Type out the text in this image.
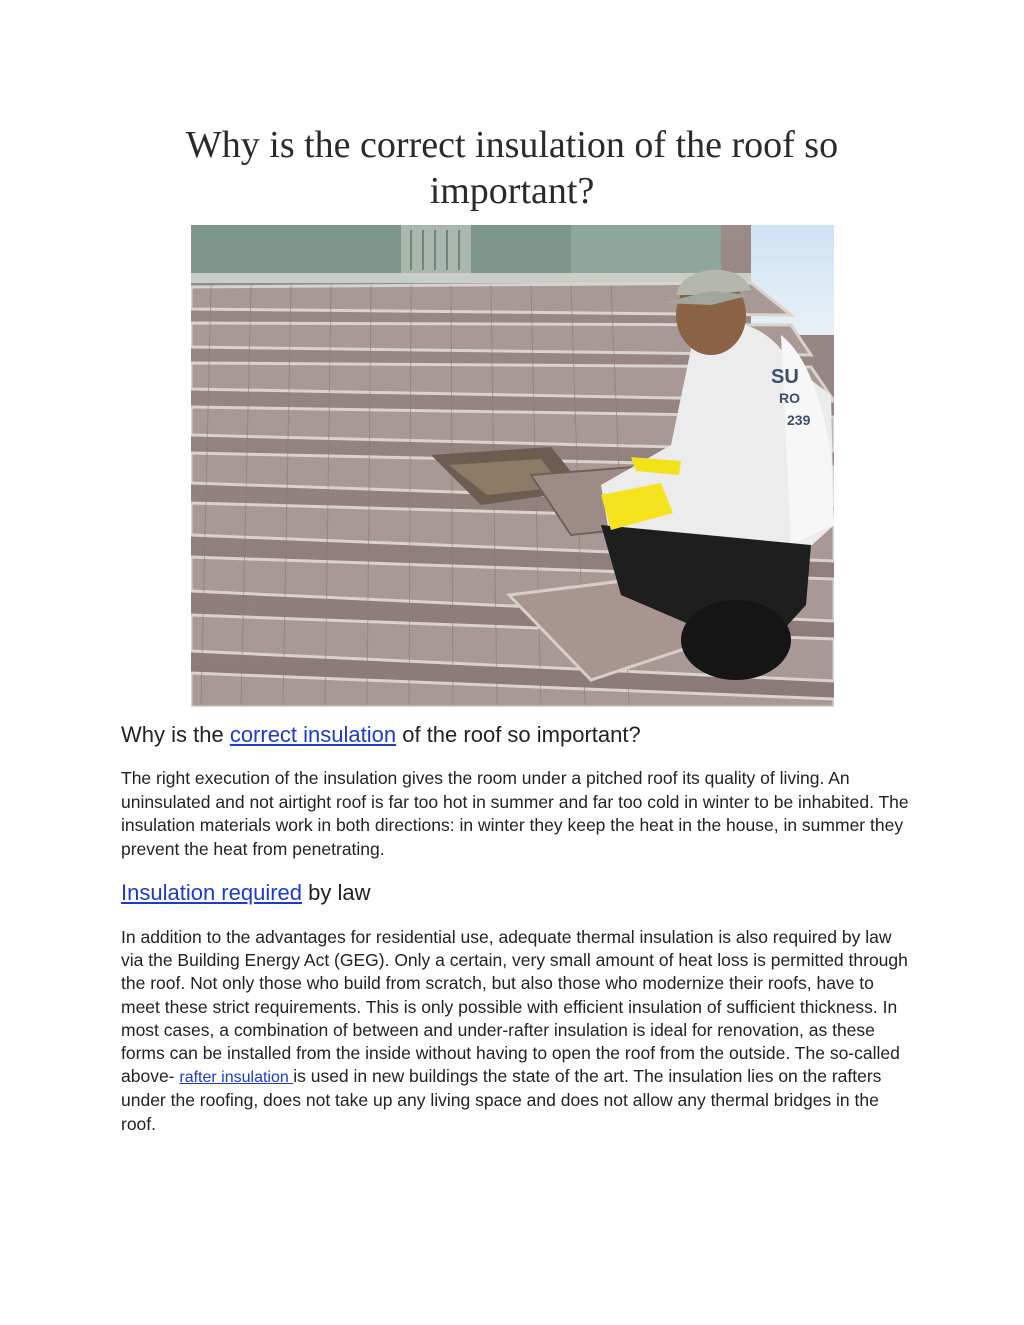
Why is the correct insulation of the roof so important?
SU
RO
239
Why is the correct insulation of the roof so important?

The right execution of the insulation gives the room under a pitched roof its quality of living. An uninsulated and not airtight roof is far too hot in summer and far too cold in winter to be inhabited. The insulation materials work in both directions: in winter they keep the heat in the house, in summer they prevent the heat from penetrating.

Insulation required by law

In addition to the advantages for residential use, adequate thermal insulation is also required by law via the Building Energy Act (GEG). Only a certain, very small amount of heat loss is permitted through the roof. Not only those who build from scratch, but also those who modernize their roofs, have to meet these strict requirements. This is only possible with efficient insulation of sufficient thickness. In most cases, a combination of between and under-rafter insulation is ideal for renovation, as these forms can be installed from the inside without having to open the roof from the outside. The so-called above- rafter insulation is used in new buildings the state of the art. The insulation lies on the rafters under the roofing, does not take up any living space and does not allow any thermal bridges in the roof.
